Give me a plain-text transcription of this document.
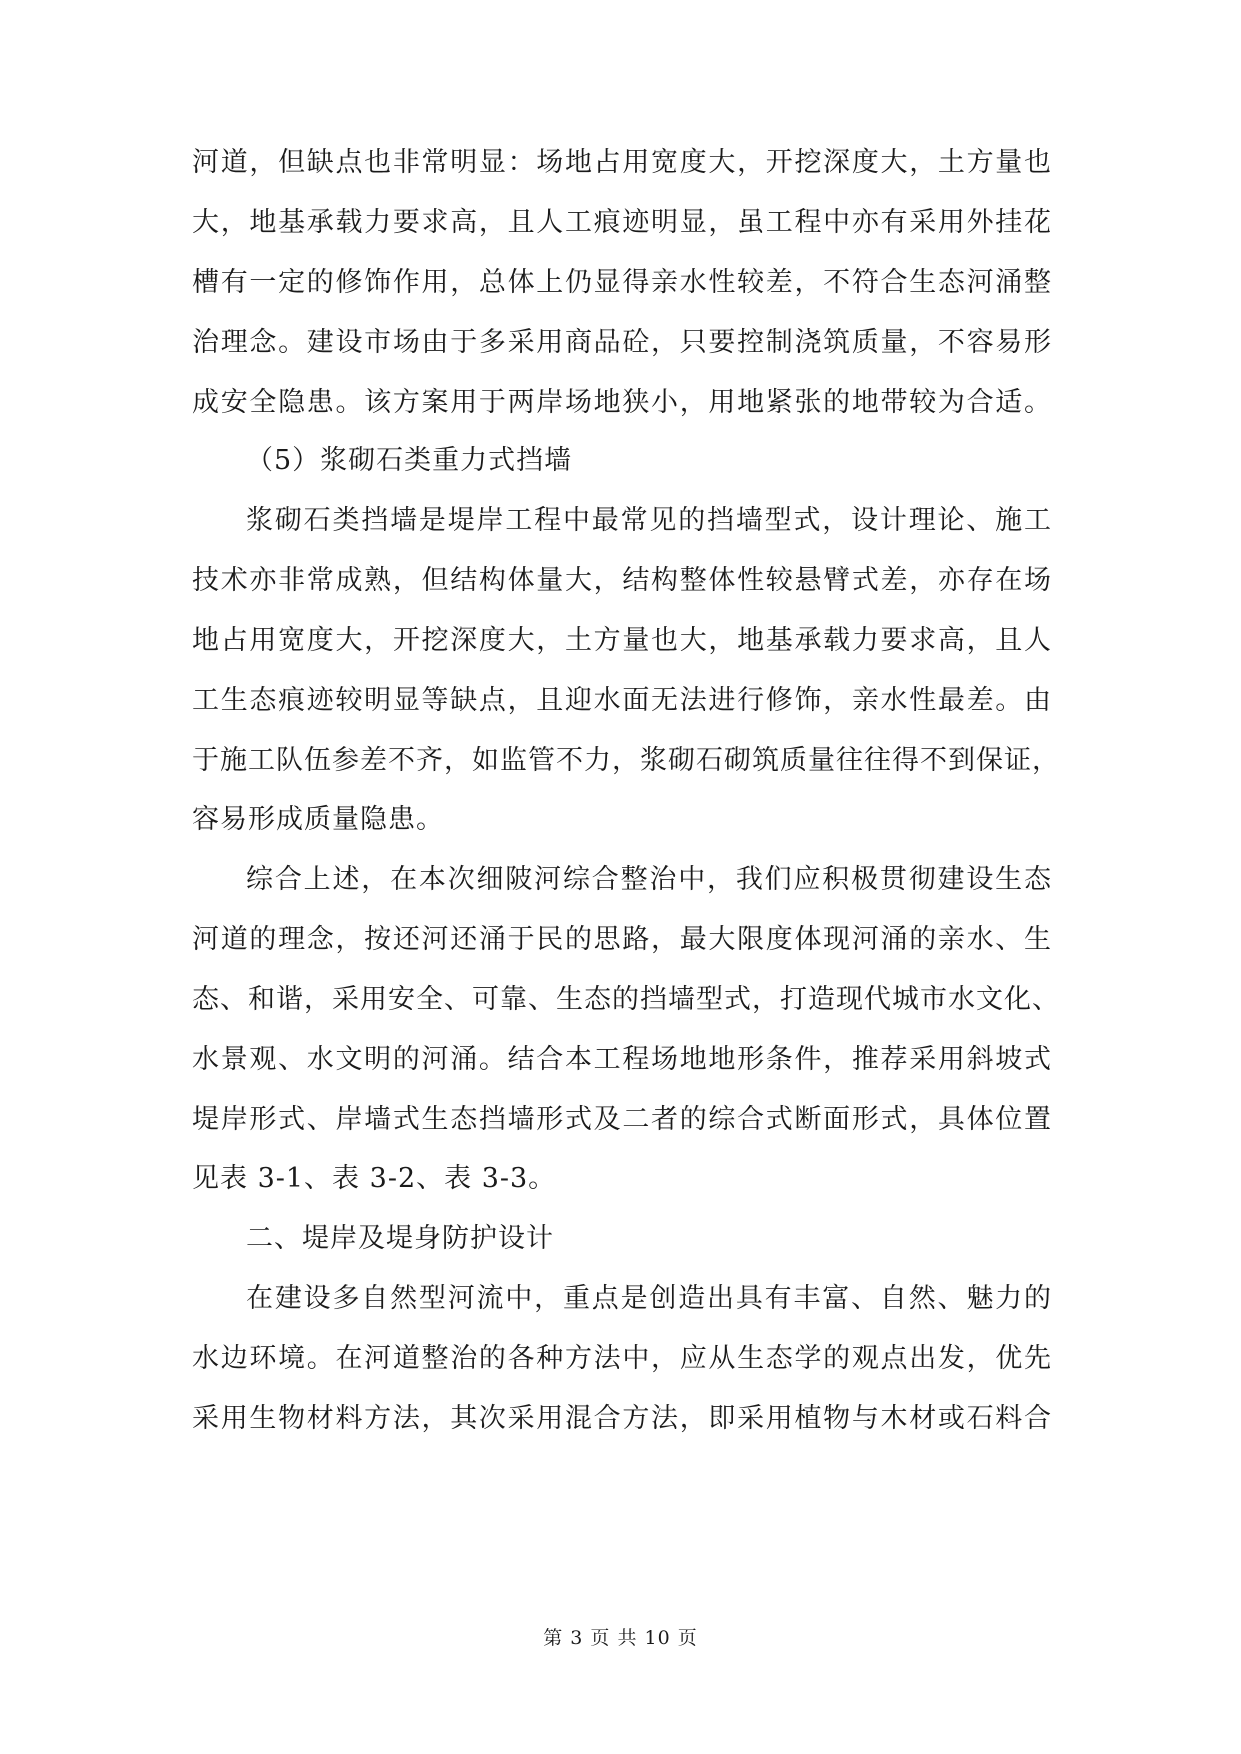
河道，但缺点也非常明显：场地占用宽度大，开挖深度大，土方量也
大，地基承载力要求高，且人工痕迹明显，虽工程中亦有采用外挂花
槽有一定的修饰作用，总体上仍显得亲水性较差，不符合生态河涌整
治理念。建设市场由于多采用商品砼，只要控制浇筑质量，不容易形
成安全隐患。该方案用于两岸场地狭小，用地紧张的地带较为合适。
（5）浆砌石类重力式挡墙
浆砌石类挡墙是堤岸工程中最常见的挡墙型式，设计理论、施工
技术亦非常成熟，但结构体量大，结构整体性较悬臂式差，亦存在场
地占用宽度大，开挖深度大，土方量也大，地基承载力要求高，且人
工生态痕迹较明显等缺点，且迎水面无法进行修饰，亲水性最差。由
于施工队伍参差不齐，如监管不力，浆砌石砌筑质量往往得不到保证，
容易形成质量隐患。
综合上述，在本次细陂河综合整治中，我们应积极贯彻建设生态
河道的理念，按还河还涌于民的思路，最大限度体现河涌的亲水、生
态、和谐，采用安全、可靠、生态的挡墙型式，打造现代城市水文化、
水景观、水文明的河涌。结合本工程场地地形条件，推荐采用斜坡式
堤岸形式、岸墙式生态挡墙形式及二者的综合式断面形式，具体位置
见表 3-1、表 3-2、表 3-3。
二、堤岸及堤身防护设计
在建设多自然型河流中，重点是创造出具有丰富、自然、魅力的
水边环境。在河道整治的各种方法中，应从生态学的观点出发，优先
采用生物材料方法，其次采用混合方法，即采用植物与木材或石料合
第 3 页 共 10 页
